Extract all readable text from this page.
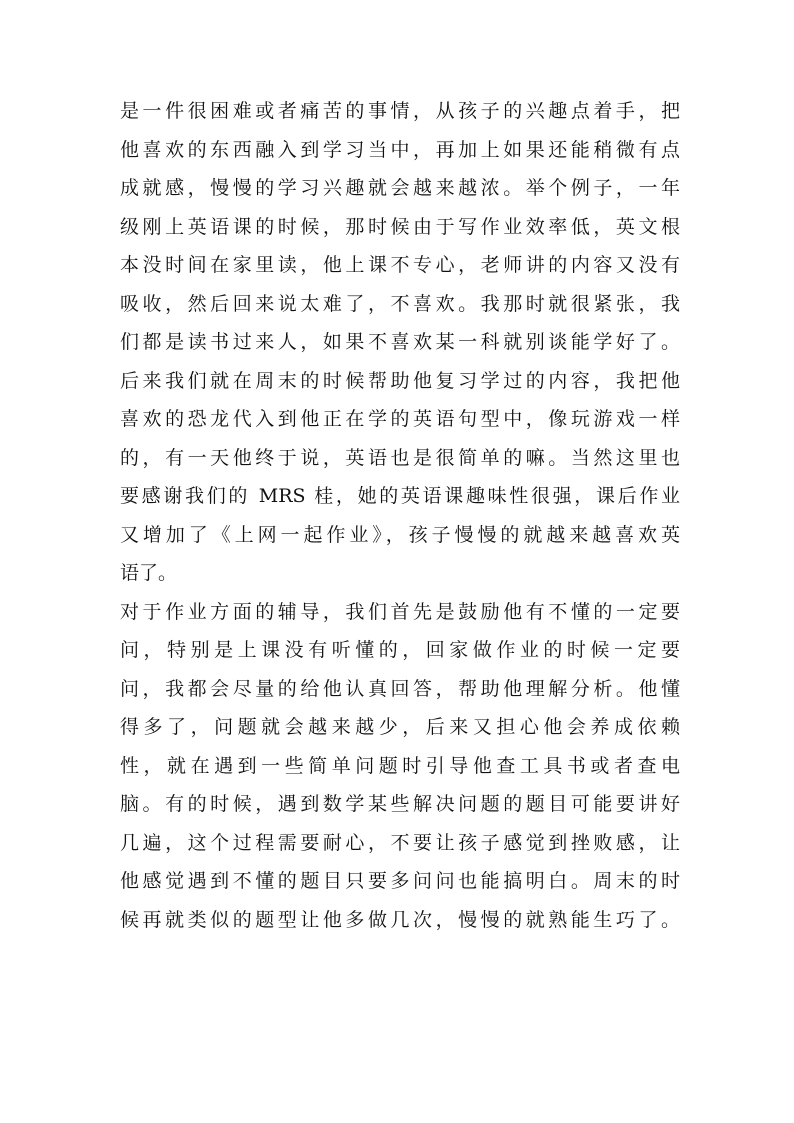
是一件很困难或者痛苦的事情，从孩子的兴趣点着手，把
他喜欢的东西融入到学习当中，再加上如果还能稍微有点
成就感，慢慢的学习兴趣就会越来越浓。举个例子，一年
级刚上英语课的时候，那时候由于写作业效率低，英文根
本没时间在家里读，他上课不专心，老师讲的内容又没有
吸收，然后回来说太难了，不喜欢。我那时就很紧张，我
们都是读书过来人，如果不喜欢某一科就别谈能学好了。
后来我们就在周末的时候帮助他复习学过的内容，我把他
喜欢的恐龙代入到他正在学的英语句型中，像玩游戏一样
的，有一天他终于说，英语也是很简单的嘛。当然这里也
要感谢我们的 MRS 桂，她的英语课趣味性很强，课后作业
又增加了《上网一起作业》，孩子慢慢的就越来越喜欢英
语了。
对于作业方面的辅导，我们首先是鼓励他有不懂的一定要
问，特别是上课没有听懂的，回家做作业的时候一定要
问，我都会尽量的给他认真回答，帮助他理解分析。他懂
得多了，问题就会越来越少，后来又担心他会养成依赖
性，就在遇到一些简单问题时引导他查工具书或者查电
脑。有的时候，遇到数学某些解决问题的题目可能要讲好
几遍，这个过程需要耐心，不要让孩子感觉到挫败感，让
他感觉遇到不懂的题目只要多问问也能搞明白。周末的时
候再就类似的题型让他多做几次，慢慢的就熟能生巧了。
